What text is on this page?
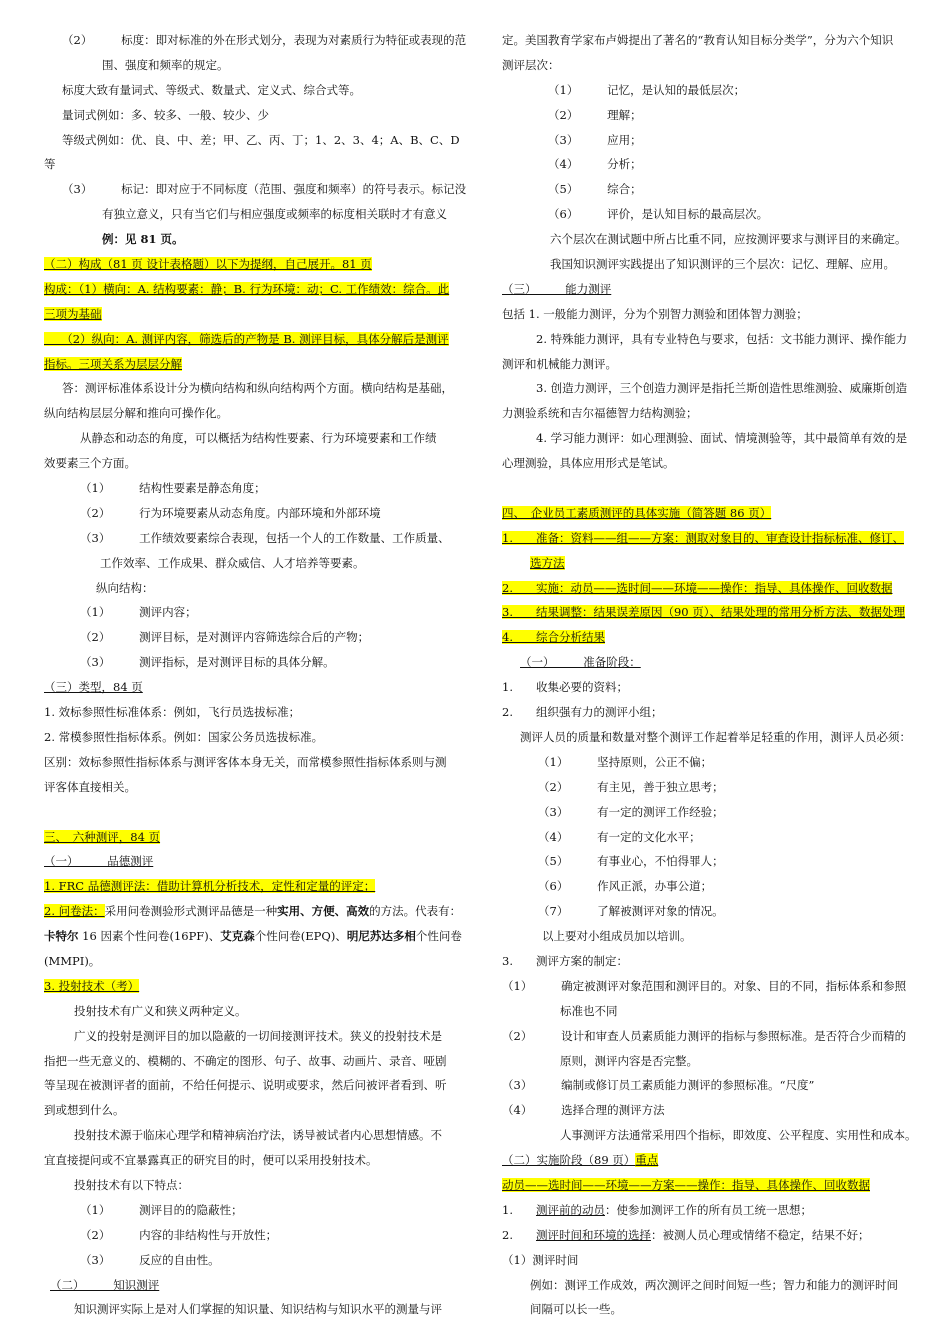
（2）　　　标度：即对标准的外在形式划分，表现为对素质行为特征或表现的范
围、强度和频率的规定。
标度大致有量词式、等级式、数量式、定义式、综合式等。
量词式例如：多、较多、一般、较少、少
等级式例如：优、良、中、差；甲、乙、丙、丁；1、2、3、4；A、B、C、D
等
（3）　　　标记：即对应于不同标度（范围、强度和频率）的符号表示。标记没
有独立意义，只有当它们与相应强度或频率的标度相关联时才有意义
例：见 81 页。
（二）构成（81 页 设计表格题）以下为提纲，自己展开。81 页
构成：（1）横向：A. 结构要素：静；B. 行为环境：动；C. 工作绩效：综合。此
三项为基础
　　（2）纵向：A. 测评内容，筛选后的产物是 B. 测评目标，具体分解后是测评
指标。三项关系为层层分解
答：测评标准体系设计分为横向结构和纵向结构两个方面。横向结构是基础，
纵向结构层层分解和推向可操作化。
从静态和动态的角度，可以概括为结构性要素、行为环境要素和工作绩
效要素三个方面。
（1）　　　结构性要素是静态角度；
（2）　　　行为环境要素从动态角度。内部环境和外部环境
（3）　　　工作绩效要素综合表现，包括一个人的工作数量、工作质量、
工作效率、工作成果、群众威信、人才培养等要素。
纵向结构：
（1）　　　测评内容；
（2）　　　测评目标，是对测评内容筛选综合后的产物；
（3）　　　测评指标，是对测评目标的具体分解。
（三）类型，84 页
1. 效标参照性标准体系：例如，飞行员选拔标准；
2. 常模参照性指标体系。例如：国家公务员选拔标准。
区别：效标参照性指标体系与测评客体本身无关，而常模参照性指标体系则与测
评客体直接相关。
三、　六种测评，84 页
（一）　　　品德测评
1. FRC 品德测评法：借助计算机分析技术，定性和定量的评定；
2. 问卷法：采用问卷测验形式测评品德是一种实用、方便、高效的方法。代表有：
卡特尔 16 因素个性问卷(16PF)、艾克森个性问卷(EPQ)、明尼苏达多相个性问卷
(MMPI)。
3. 投射技术（考）
投射技术有广义和狭义两种定义。
广义的投射是测评目的加以隐蔽的一切间接测评技术。狭义的投射技术是
指把一些无意义的、模糊的、不确定的图形、句子、故事、动画片、录音、哑剧
等呈现在被测评者的面前，不给任何提示、说明或要求，然后问被评者看到、听
到或想到什么。
投射技术源于临床心理学和精神病治疗法，诱导被试者内心思想情感。不
宜直接提问或不宜暴露真正的研究目的时，便可以采用投射技术。
投射技术有以下特点：
（1）　　　测评目的的隐蔽性；
（2）　　　内容的非结构性与开放性；
（3）　　　反应的自由性。
（二）　　　知识测评
知识测评实际上是对人们掌握的知识量、知识结构与知识水平的测量与评
定。美国教育学家布卢姆提出了著名的“教育认知目标分类学”，分为六个知识
测评层次：
（1）　　　记忆，是认知的最低层次；
（2）　　　理解；
（3）　　　应用；
（4）　　　分析；
（5）　　　综合；
（6）　　　评价，是认知目标的最高层次。
六个层次在测试题中所占比重不同，应按测评要求与测评目的来确定。
我国知识测评实践提出了知识测评的三个层次：记忆、理解、应用。
（三）　　　能力测评
包括 1. 一般能力测评，分为个别智力测验和团体智力测验；
2. 特殊能力测评，具有专业特色与要求，包括：文书能力测评、操作能力
测评和机械能力测评。
3. 创造力测评，三个创造力测评是指托兰斯创造性思维测验、威廉斯创造
力测验系统和吉尔福德智力结构测验；
4. 学习能力测评：如心理测验、面试、情境测验等，其中最简单有效的是
心理测验，具体应用形式是笔试。
四、　企业员工素质测评的具体实施（简答题 86 页）
1.　　准备：资料——组——方案：测取对象目的、审查设计指标标准、修订、
选方法
2.　　实施：动员——选时间——环境——操作：指导、具体操作、回收数据
3.　　结果调整：结果误差原因（90 页）、结果处理的常用分析方法、数据处理
4.　　综合分析结果
（一）　　　准备阶段：
1.　　收集必要的资料；
2.　　组织强有力的测评小组；
测评人员的质量和数量对整个测评工作起着举足轻重的作用，测评人员必须：
（1）　　　坚持原则，公正不偏；
（2）　　　有主见，善于独立思考；
（3）　　　有一定的测评工作经验；
（4）　　　有一定的文化水平；
（5）　　　有事业心，不怕得罪人；
（6）　　　作风正派，办事公道；
（7）　　　了解被测评对象的情况。
以上要对小组成员加以培训。
3.　　测评方案的制定：
（1）　　　确定被测评对象范围和测评目的。对象、目的不同，指标体系和参照
标准也不同
（2）　　　设计和审查人员素质能力测评的指标与参照标准。是否符合少而精的
原则，测评内容是否完整。
（3）　　　编制或修订员工素质能力测评的参照标准。“尺度”
（4）　　　选择合理的测评方法
人事测评方法通常采用四个指标，即效度、公平程度、实用性和成本。
（二）实施阶段（89 页）重点
动员——选时间——环境——方案——操作：指导、具体操作、回收数据
1.　　测评前的动员：使参加测评工作的所有员工统一思想；
2.　　测评时间和环境的选择：被测人员心理或情绪不稳定，结果不好；
（1）测评时间
例如：测评工作成效，两次测评之间时间短一些；智力和能力的测评时间
间隔可以长一些。
